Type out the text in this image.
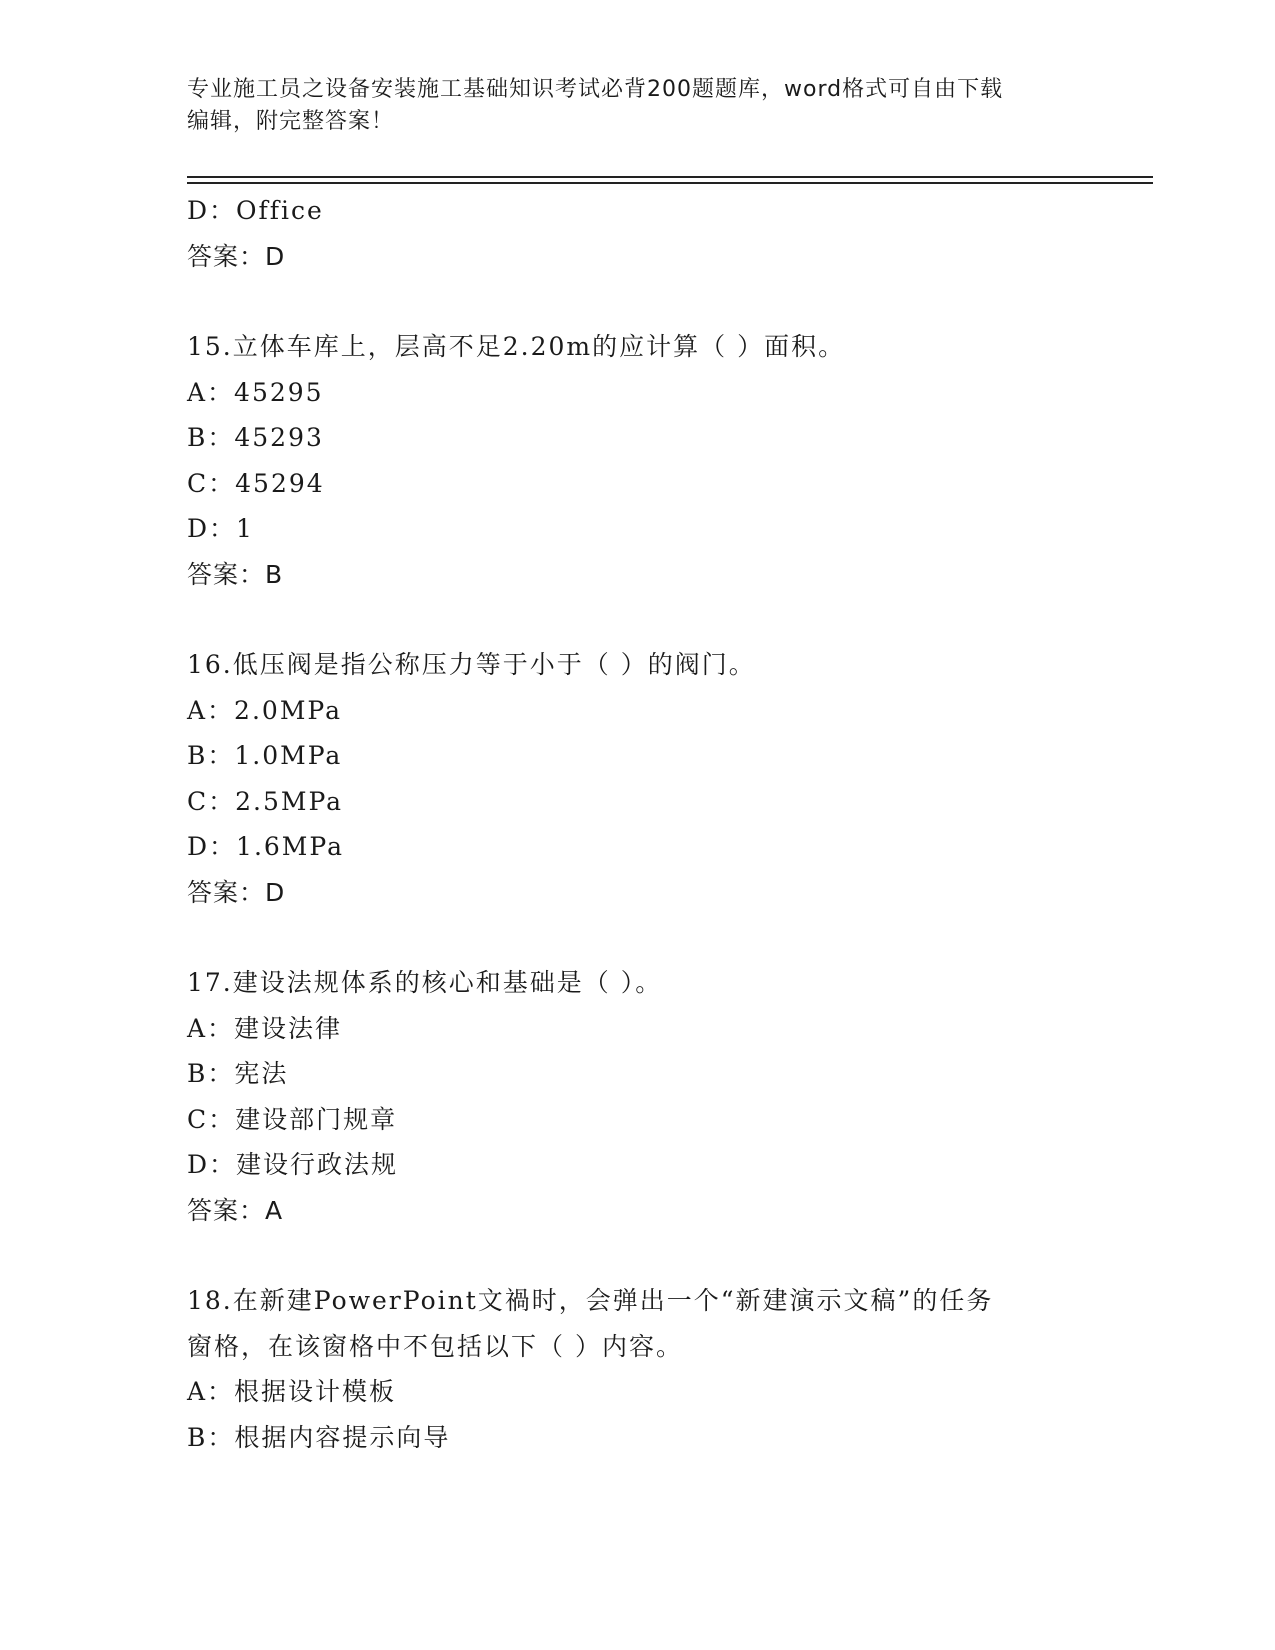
专业施工员之设备安装施工基础知识考试必背200题题库，word格式可自由下载
编辑，附完整答案！
D：Office
答案：D
15.立体车库上，层高不足2.20m的应计算（ ）面积。
A：45295
B：45293
C：45294
D：1
答案：B
16.低压阀是指公称压力等于小于（ ）的阀门。
A：2.0MPa
B：1.0MPa
C：2.5MPa
D：1.6MPa
答案：D
17.建设法规体系的核心和基础是（ ）。
A：建设法律
B：宪法
C：建设部门规章
D：建设行政法规
答案：A
18.在新建PowerPoint文禍时，会弹出一个“新建演示文稿”的任务
窗格，在该窗格中不包括以下（ ）内容。
A：根据设计模板
B：根据内容提示向导
